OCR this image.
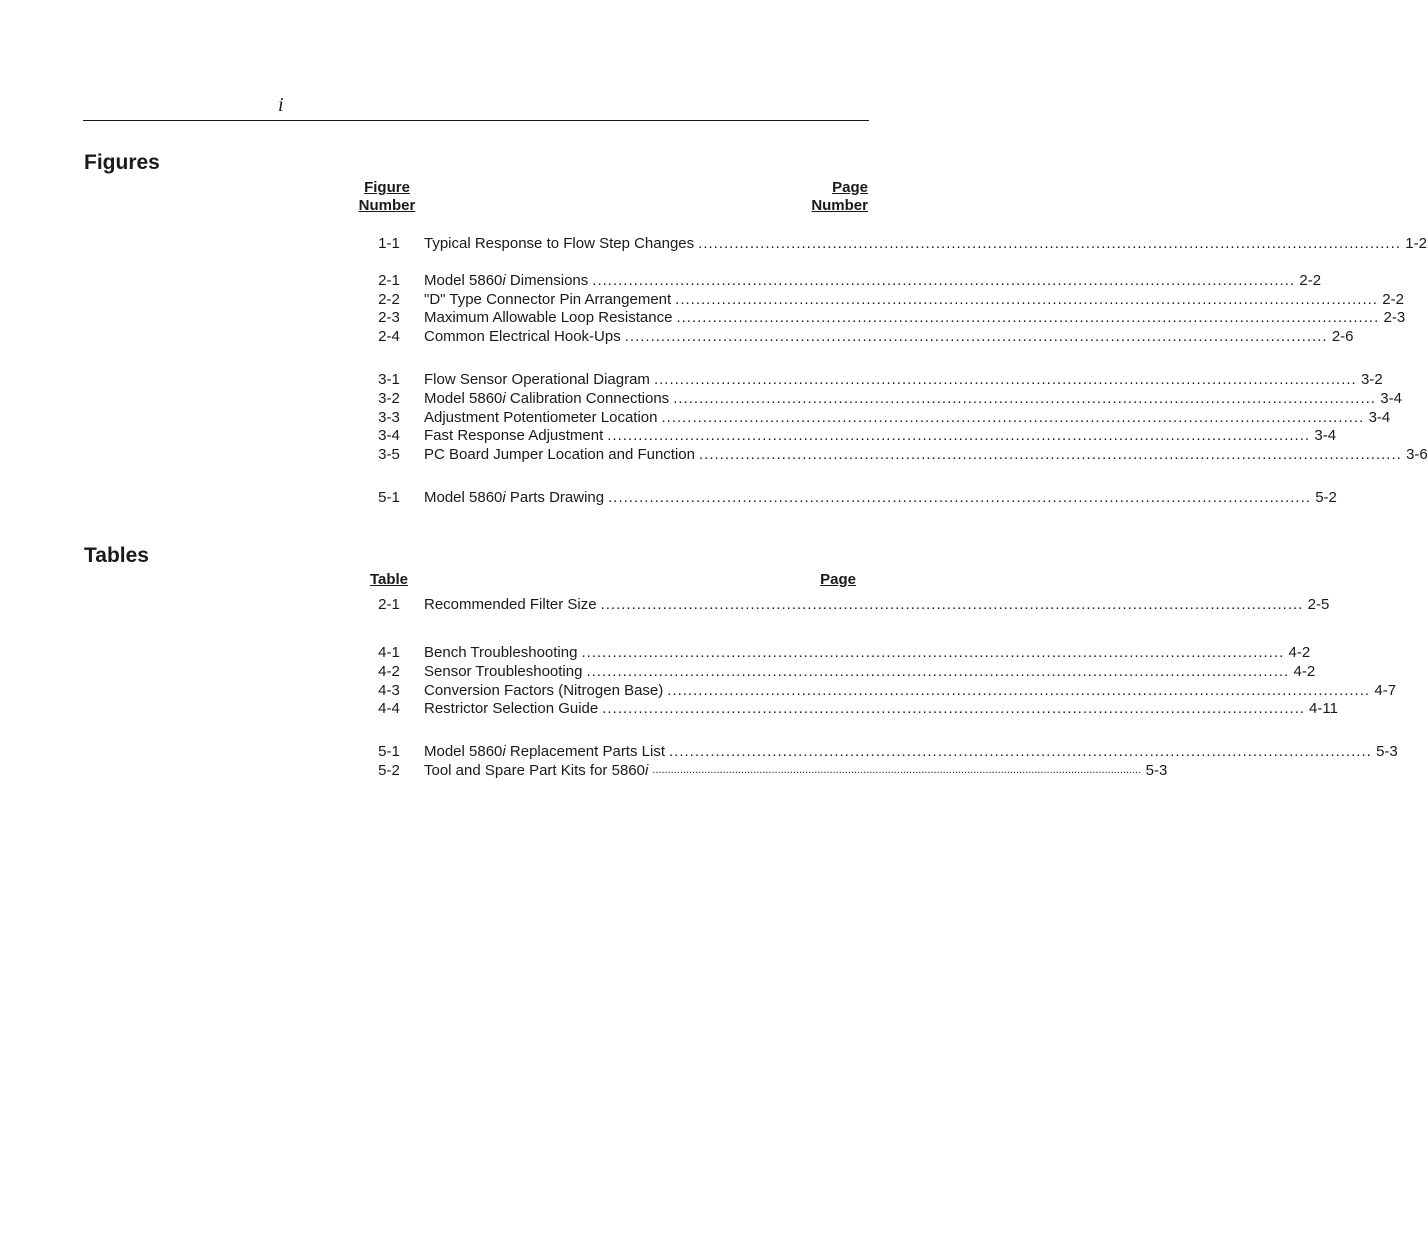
i
Figures
Figure
Number
Page
Number
1-1	Typical Response to Flow Step Changes ........................................................................................................................................ 1-2
2-1	Model 5860i Dimensions ........................................................................................................................................ 2-2
2-2	"D" Type Connector Pin Arrangement ........................................................................................................................................ 2-2
2-3	Maximum Allowable Loop Resistance ........................................................................................................................................ 2-3
2-4	Common Electrical Hook-Ups ........................................................................................................................................ 2-6
3-1	Flow Sensor Operational Diagram ........................................................................................................................................ 3-2
3-2	Model 5860i Calibration Connections ........................................................................................................................................ 3-4
3-3	Adjustment Potentiometer Location ........................................................................................................................................ 3-4
3-4	Fast Response Adjustment ........................................................................................................................................ 3-4
3-5	PC Board Jumper Location and Function ........................................................................................................................................ 3-6
5-1	Model 5860i Parts Drawing ........................................................................................................................................ 5-2
Tables
Table	Page
2-1	Recommended Filter Size ........................................................................................................................................ 2-5
4-1	Bench Troubleshooting ........................................................................................................................................ 4-2
4-2	Sensor Troubleshooting ........................................................................................................................................ 4-2
4-3	Conversion Factors (Nitrogen Base) ........................................................................................................................................ 4-7
4-4	Restrictor Selection Guide ........................................................................................................................................ 4-11
5-1	Model 5860i Replacement Parts List ........................................................................................................................................ 5-3
5-2	Tool and Spare Part Kits for 5860i ................................................................................................................................................................ 5-3
